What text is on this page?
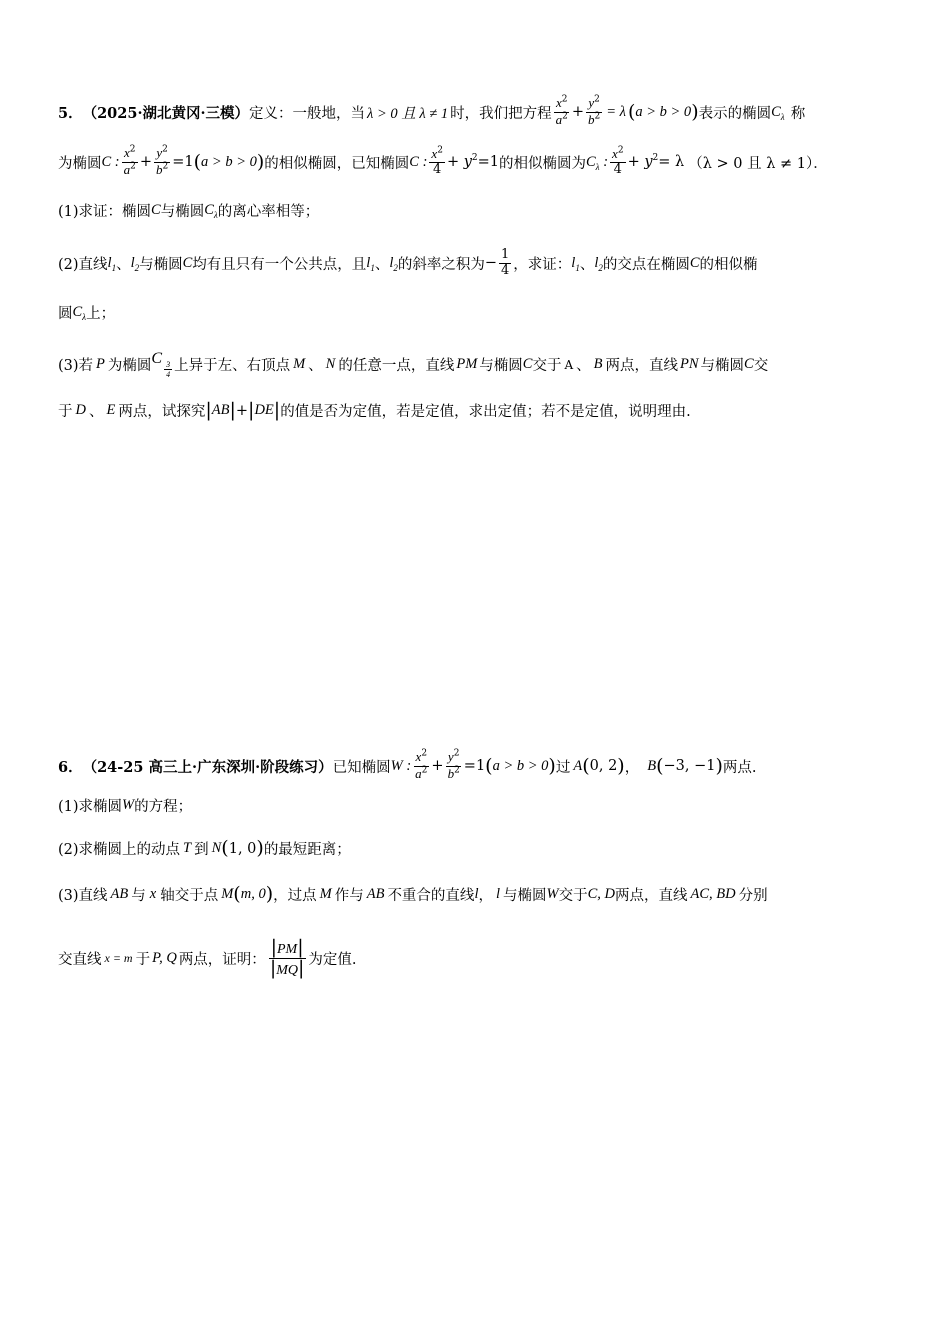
5． （2025·湖北黄冈·三模） 定义：一般地，当 λ > 0 且 λ ≠ 1 时，我们把方程 $\frac{x^2}{a^2} + \frac{y^2}{b^2} = \lambda$ ( a > b > 0 ) 表示的椭圆 $C_\lambda$ 称
为椭圆 C : $\frac{x^2}{a^2} + \frac{y^2}{b^2} =1$ ( a > b > 0 ) 的相似椭圆，已知椭圆 C : $\frac{x^2}{4} + y^2=1$ 的相似椭圆为 $C_\lambda$ : $\frac{x^2}{4} + y^2= \lambda$ （λ > 0 且 λ ≠ 1）．
(1)求证：椭圆 C 与椭圆 $C_\lambda$ 的离心率相等；
(2)直线 $l_1$ 、 $l_2$ 与椭圆 C 均有且只有一个公共点，且 $l_1$ 、 $l_2$ 的斜率之积为 − $\frac{1}{4}$ ，求证： $l_1$ 、 $l_2$ 的交点在椭圆 C 的相似椭
圆 $C_\lambda$ 上；
(3)若 P 为椭圆 C
$\frac{3}{4}$ 上异于左、右顶点 M 、 N 的任意一点，直线 PM 与椭圆 C 交于 A 、 B 两点，直线 PN 与椭圆 C 交
于 D 、 E 两点，试探究 | AB | + | DE | 的值是否为定值，若是定值，求出定值；若不是定值，说明理由.
6． （24-25 高三上·广东深圳·阶段练习） 已知椭圆 W : $\frac{x^2}{a^2} + \frac{y^2}{b^2} =1$ ( a > b > 0 ) 过 A ( 0, 2 ) ， B ( −3, −1 ) 两点.
(1)求椭圆 W 的方程；
(2)求椭圆上的动点 T 到 N ( 1, 0 ) 的最短距离；
(3)直线 AB 与 x 轴交于点 M ( m, 0 ) ，过点 M 作与 AB 不重合的直线 l ， l 与椭圆 W 交于 C, D 两点，直线 AC, BD 分别
交直线 x = m 于 P, Q 两点，证明： $\frac{|PM|}{|MQ|}$ 为定值.
